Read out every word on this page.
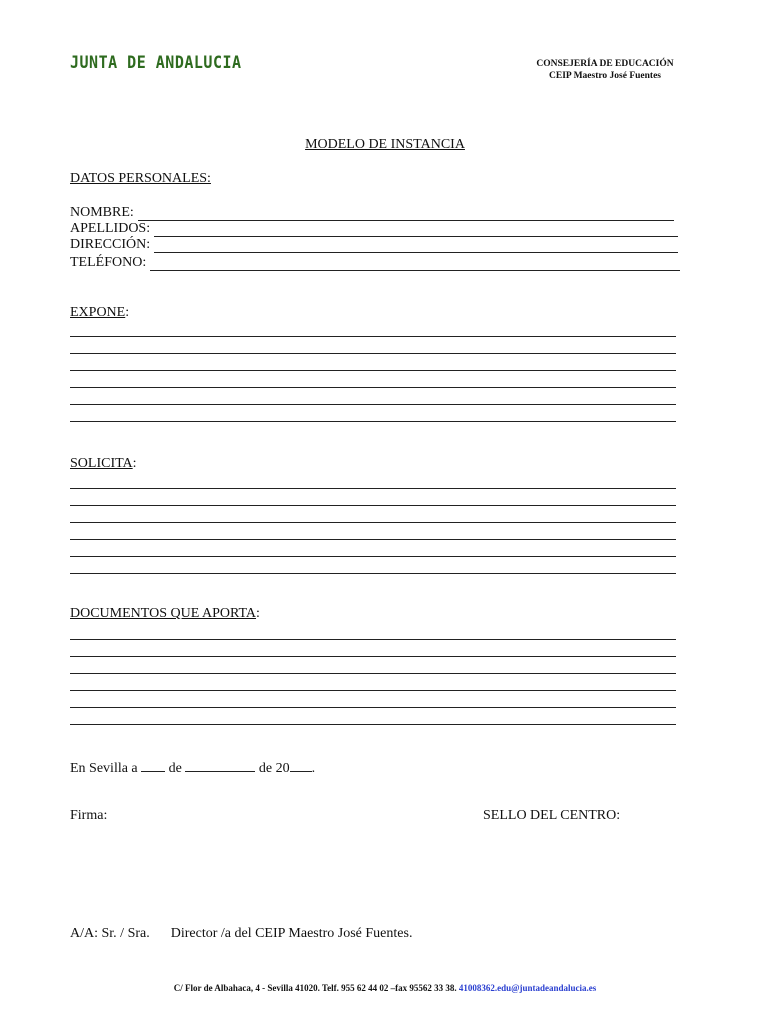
JUNTA DE ANDALUCIA	CONSEJERÍA DE EDUCACIÓN
CEIP Maestro José Fuentes
MODELO DE INSTANCIA
DATOS PERSONALES:
NOMBRE:
APELLIDOS:
DIRECCIÓN:
TELÉFONO:
EXPONE:
SOLICITA:
DOCUMENTOS QUE APORTA:
En Sevilla a de	de 20 .
Firma:	SELLO DEL CENTRO:
A/A: Sr. / Sra. Director /a del CEIP Maestro José Fuentes.
C/ Flor de Albahaca, 4 - Sevilla 41020. Telf. 955 62 44 02 –fax 95562 33 38. 41008362.edu@juntadeandalucia.es
